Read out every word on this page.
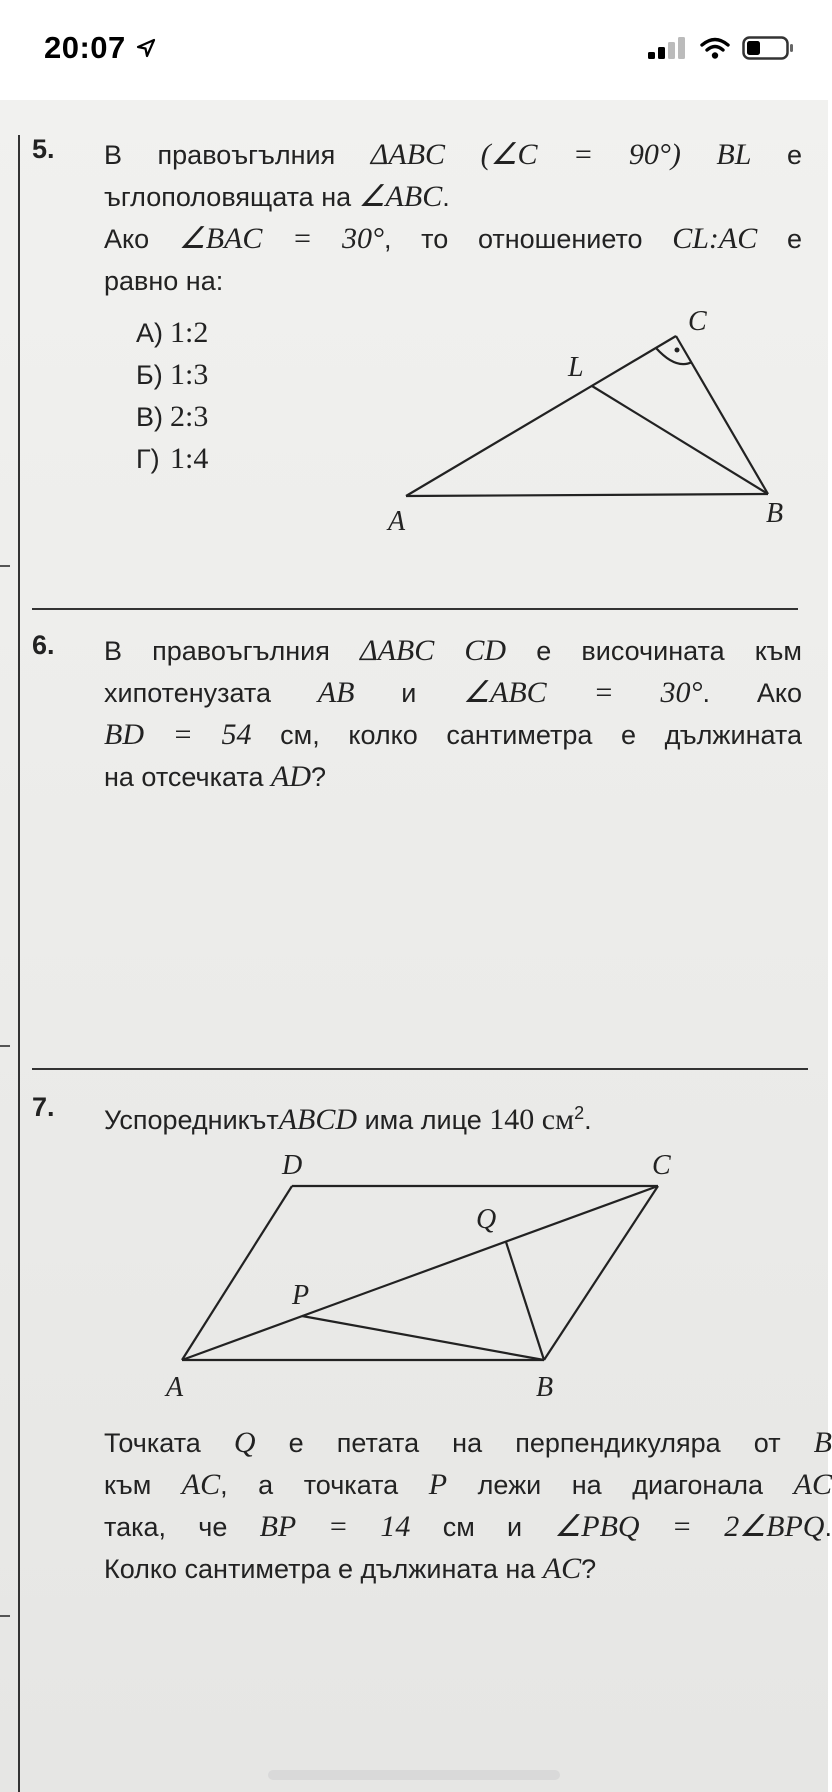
20:07
5. В правоъгълния ΔABC (∠C = 90°) BL е

ъглополовящата на ∠ABC.

Ако ∠BAC = 30°, то отношението CL:AC е

равно на:

А) 1:2
Б) 1:3
В) 2:3
Г) 1:4
C
L
A	B
6. В правоъгълния ΔABC CD е височината към

хипотенузата AB и ∠ABC = 30°. Ако

BD = 54 см, колко сантиметра е дължината

на отсечката AD?

7. УспоредникътABCD има лице 140 $см^2$.

D	C
Q
P
A	B

Точката Q е петата на перпендикуляра от B

към AC, а точката P лежи на диагонала AC

така, че BP = 14 см и ∠PBQ = 2∠BPQ.

Колко сантиметра е дължината на AC?
